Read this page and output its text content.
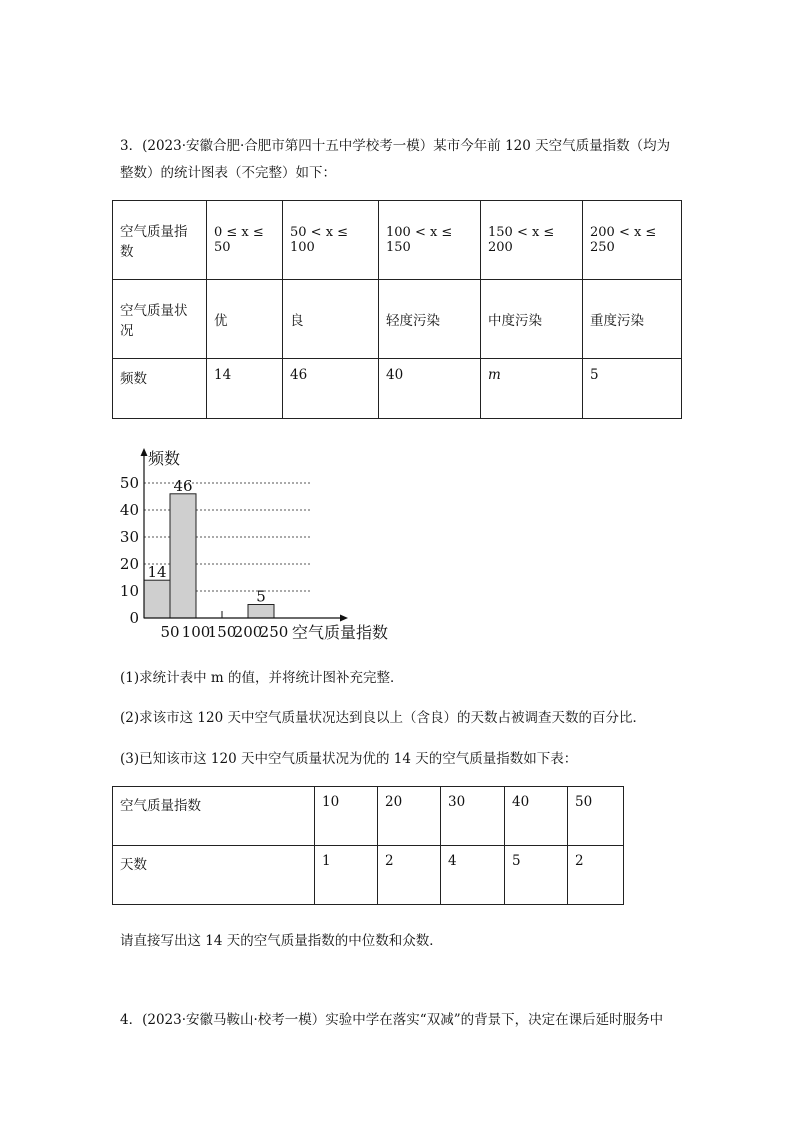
3．(2023·安徽合肥·合肥市第四十五中学校考一模）某市今年前 120 天空气质量指数（均为
整数）的统计图表（不完整）如下：
空气质量指数	0 ≤ x ≤ 50	50 < x ≤ 100	100 < x ≤ 150	150 < x ≤ 200	200 < x ≤ 250
空气质量状况	优	良	轻度污染	中度污染	重度污染
频数	14	46	40	m	5
14
46
5
0
10
20
30
40
50
50 100
150
200
250
频数
空气质量指数
(1)求统计表中 m 的值，并将统计图补充完整．
(2)求该市这 120 天中空气质量状况达到良以上（含良）的天数占被调查天数的百分比．
(3)已知该市这 120 天中空气质量状况为优的 14 天的空气质量指数如下表：
空气质量指数	10	20	30	40	50
天数	1	2	4	5	2
请直接写出这 14 天的空气质量指数的中位数和众数．
4．(2023·安徽马鞍山·校考一模）实验中学在落实“双减”的背景下，决定在课后延时服务中
